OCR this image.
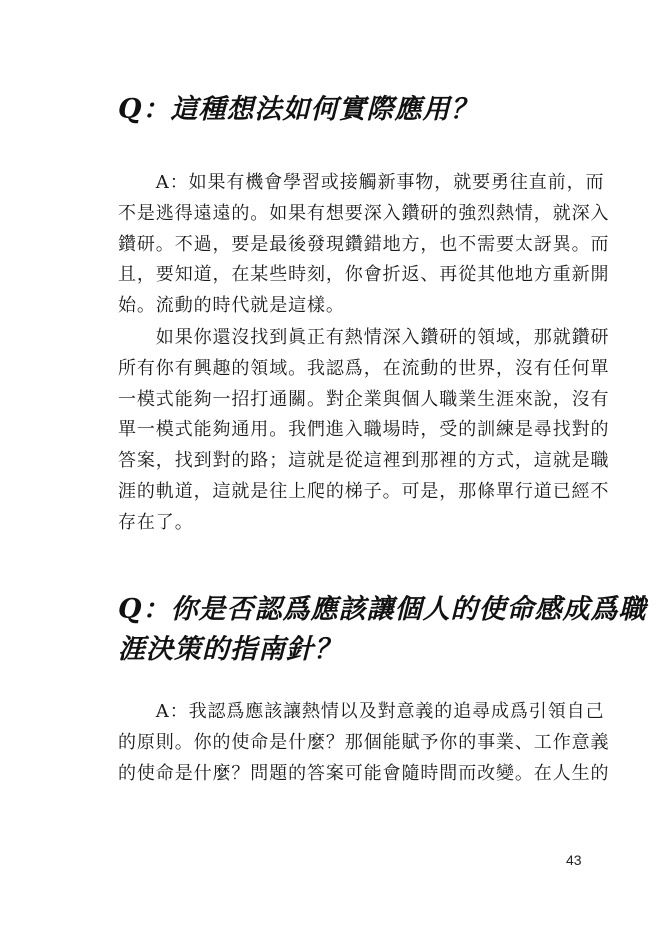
Q：這種想法如何實際應用？

　　A：如果有機會學習或接觸新事物，就要勇往直前，而
不是逃得遠遠的。如果有想要深入鑽研的強烈熱情，就深入
鑽研。不過，要是最後發現鑽錯地方，也不需要太訝異。而
且，要知道，在某些時刻，你會折返、再從其他地方重新開
始。流動的時代就是這樣。

　　如果你還沒找到眞正有熱情深入鑽研的領域，那就鑽研
所有你有興趣的領域。我認爲，在流動的世界，沒有任何單
一模式能夠一招打通關。對企業與個人職業生涯來說，沒有
單一模式能夠通用。我們進入職場時，受的訓練是尋找對的
答案，找到對的路；這就是從這裡到那裡的方式，這就是職
涯的軌道，這就是往上爬的梯子。可是，那條單行道已經不
存在了。

Q：你是否認爲應該讓個人的使命感成爲職
涯決策的指南針？

　　A：我認爲應該讓熱情以及對意義的追尋成爲引領自己
的原則。你的使命是什麼？那個能賦予你的事業、工作意義
的使命是什麼？問題的答案可能會隨時間而改變。在人生的

43
